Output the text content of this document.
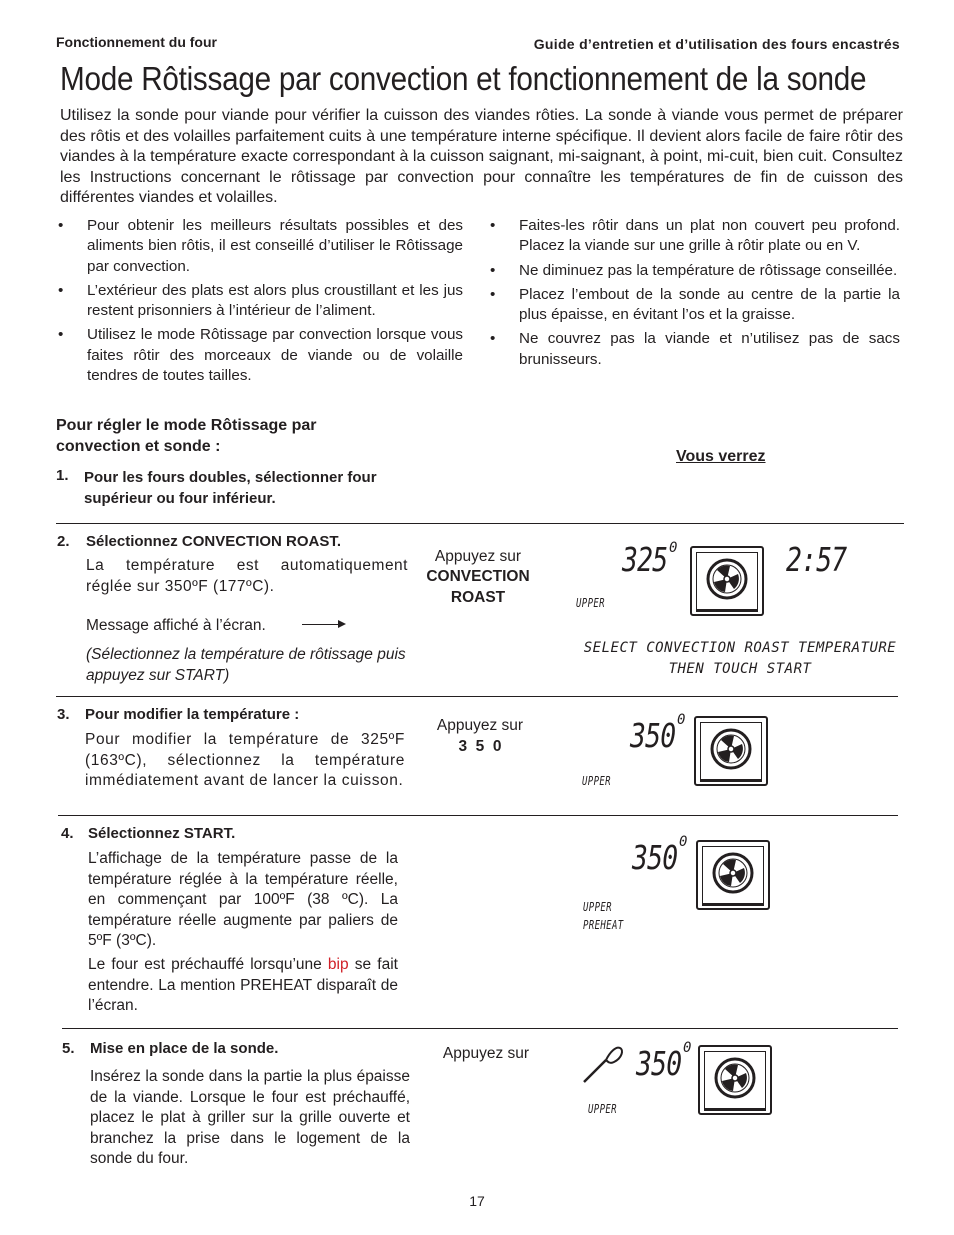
Fonctionnement du four	Guide d’entretien et d’utilisation des fours encastrés
Mode Rôtissage par convection et fonctionnement de la sonde
Utilisez la sonde pour viande pour vérifier la cuisson des viandes rôties. La sonde à viande vous permet de préparer des rôtis et des volailles parfaitement cuits à une température interne spécifique. Il devient alors facile de faire rôtir des viandes à la température exacte correspondant à la cuisson saignant, mi-saignant, à point, mi-cuit, bien cuit. Consultez les Instructions concernant le rôtissage par convection pour connaître les températures de fin de cuisson des différentes viandes et volailles.
• Pour obtenir les meilleurs résultats possibles et des aliments bien rôtis, il est conseillé d’utiliser le Rôtissage par convection.
• L’extérieur des plats est alors plus croustillant et les jus restent prisonniers à l’intérieur de l’aliment.
• Utilisez le mode Rôtissage par convection lorsque vous faites rôtir des morceaux de viande ou de volaille tendres de toutes tailles.
• Faites-les rôtir dans un plat non couvert peu profond. Placez la viande sur une grille à rôtir plate ou en V.
• Ne diminuez pas la température de rôtissage conseillée.
• Placez l’embout de la sonde au centre de la partie la plus épaisse, en évitant l’os et la graisse.
• Ne couvrez pas la viande et n’utilisez pas de sacs brunisseurs.
Pour régler le mode Rôtissage par convection et sonde :
Vous verrez
1. Pour les fours doubles, sélectionner four supérieur ou four inférieur.
2. Sélectionnez CONVECTION ROAST.
La température est automatiquement réglée sur 350ºF (177ºC).
Message affiché à l’écran.
(Sélectionnez la température de rôtissage puis appuyez sur START)
Appuyez sur
CONVECTION
ROAST
325 0	2:57
UPPER
SELECT CONVECTION ROAST TEMPERATURE
THEN TOUCH START
3. Pour modifier la température :
Pour modifier la température de 325ºF (163ºC), sélectionnez la température immédiatement avant de lancer la cuisson.
Appuyez sur
3  5  0	350 0
UPPER
4. Sélectionnez START.
L’affichage de la température passe de la température réglée à la température réelle, en commençant par 100ºF (38 ºC). La température réelle augmente par paliers de 5ºF (3ºC).
Le four est préchauffé lorsqu’une bip se fait entendre. La mention PREHEAT disparaît de l’écran.
350 0
UPPER
PREHEAT
5. Mise en place de la sonde.
Insérez la sonde dans la partie la plus épaisse de la viande. Lorsque le four est préchauffé, placez le plat à griller sur la grille ouverte et branchez la prise dans le logement de la sonde du four.
Appuyez sur	350 0
UPPER
17
